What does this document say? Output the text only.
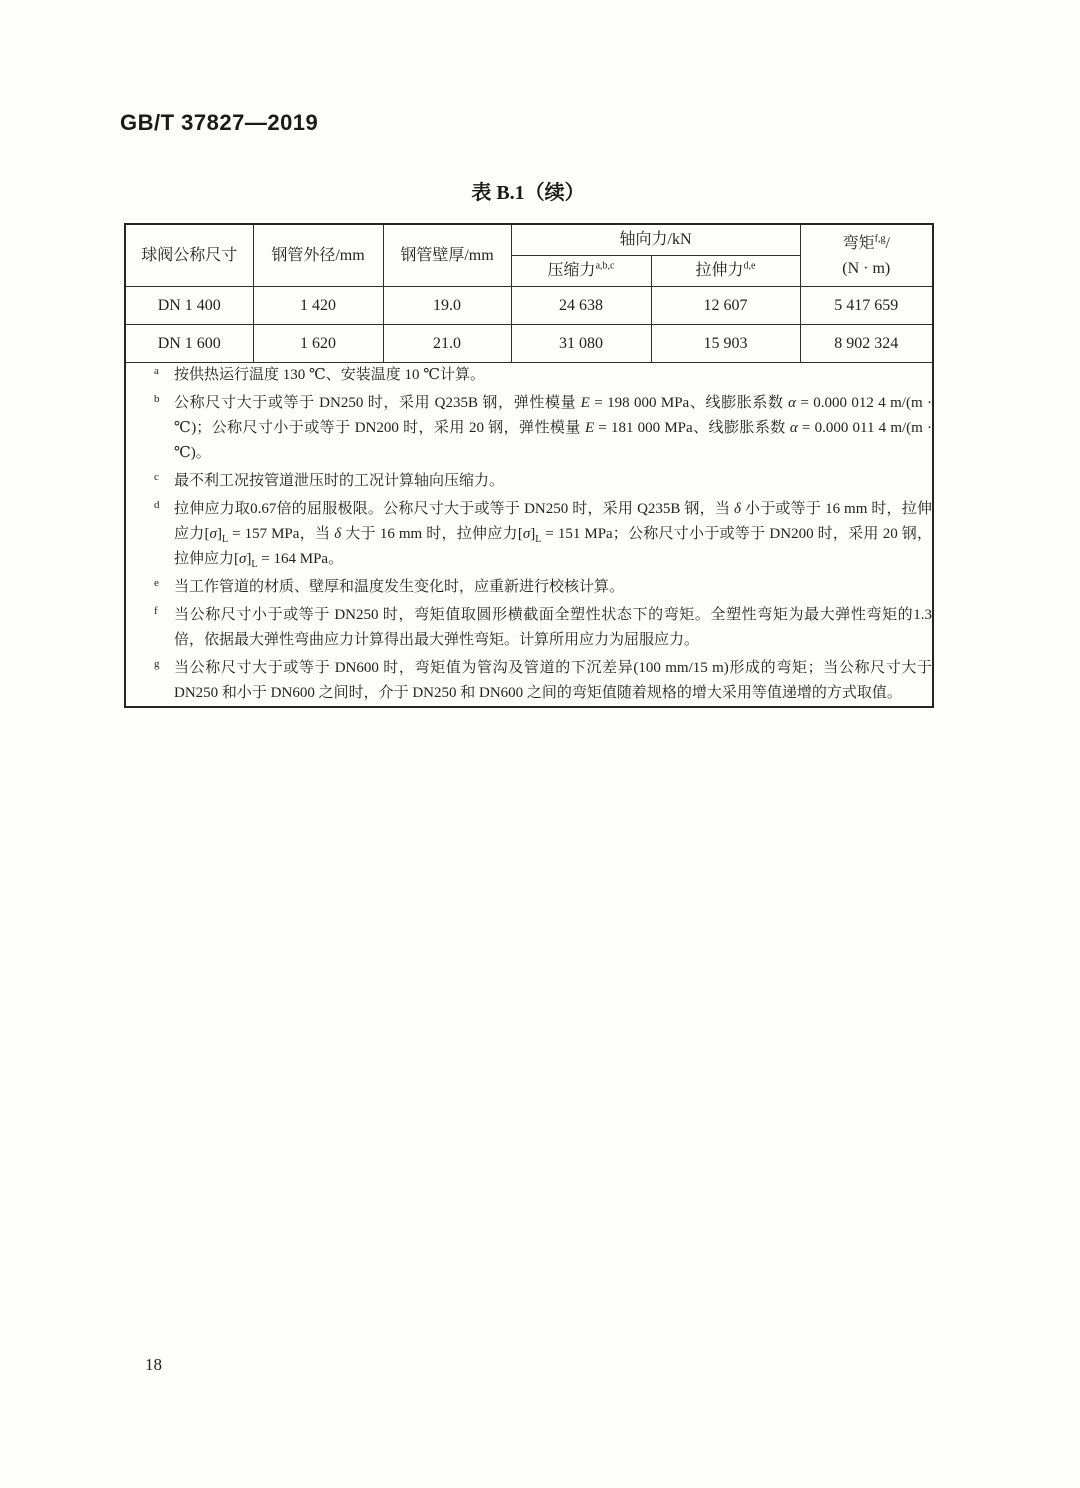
GB/T 37827—2019
表 B.1（续）
球阀公称尺寸	钢管外径/mm	钢管壁厚/mm	轴向力/kN		弯矩$^{f,g}$/
(N · m)

			压缩力$^{a,b,c}$	拉伸力$^{d,e}$
DN 1 400	1 420	19.0	24 638	12 607	5 417 659
DN 1 600	1 620	21.0	31 080	15 903	8 902 324

a 按供热运行温度 130 ℃、安装温度 10 ℃计算。
b 公称尺寸大于或等于 DN250 时，采用 Q235B 钢，弹性模量 E = 198 000 MPa、线膨胀系数 α = 0.000 012 4 m/(m · ℃)；公称尺寸小于或等于 DN200 时，采用 20 钢，弹性模量 E = 181 000 MPa、线膨胀系数 α = 0.000 011 4 m/(m · ℃)。
c 最不利工况按管道泄压时的工况计算轴向压缩力。
d 拉伸应力取0.67倍的屈服极限。公称尺寸大于或等于 DN250 时，采用 Q235B 钢，当 δ 小于或等于 16 mm 时，拉伸应力$[\sigma]_L = 157$ MPa，当 δ 大于 16 mm 时，拉伸应力$[\sigma]_L = 151$ MPa；公称尺寸小于或等于 DN200 时，采用 20 钢，拉伸应力$[\sigma]_L = 164$ MPa。
e 当工作管道的材质、壁厚和温度发生变化时，应重新进行校核计算。
f 当公称尺寸小于或等于 DN250 时，弯矩值取圆形横截面全塑性状态下的弯矩。全塑性弯矩为最大弹性弯矩的1.3倍，依据最大弹性弯曲应力计算得出最大弹性弯矩。计算所用应力为屈服应力。
g 当公称尺寸大于或等于 DN600 时，弯矩值为管沟及管道的下沉差异(100 mm/15 m)形成的弯矩；当公称尺寸大于 DN250 和小于 DN600 之间时，介于 DN250 和 DN600 之间的弯矩值随着规格的增大采用等值递增的方式取值。
18
